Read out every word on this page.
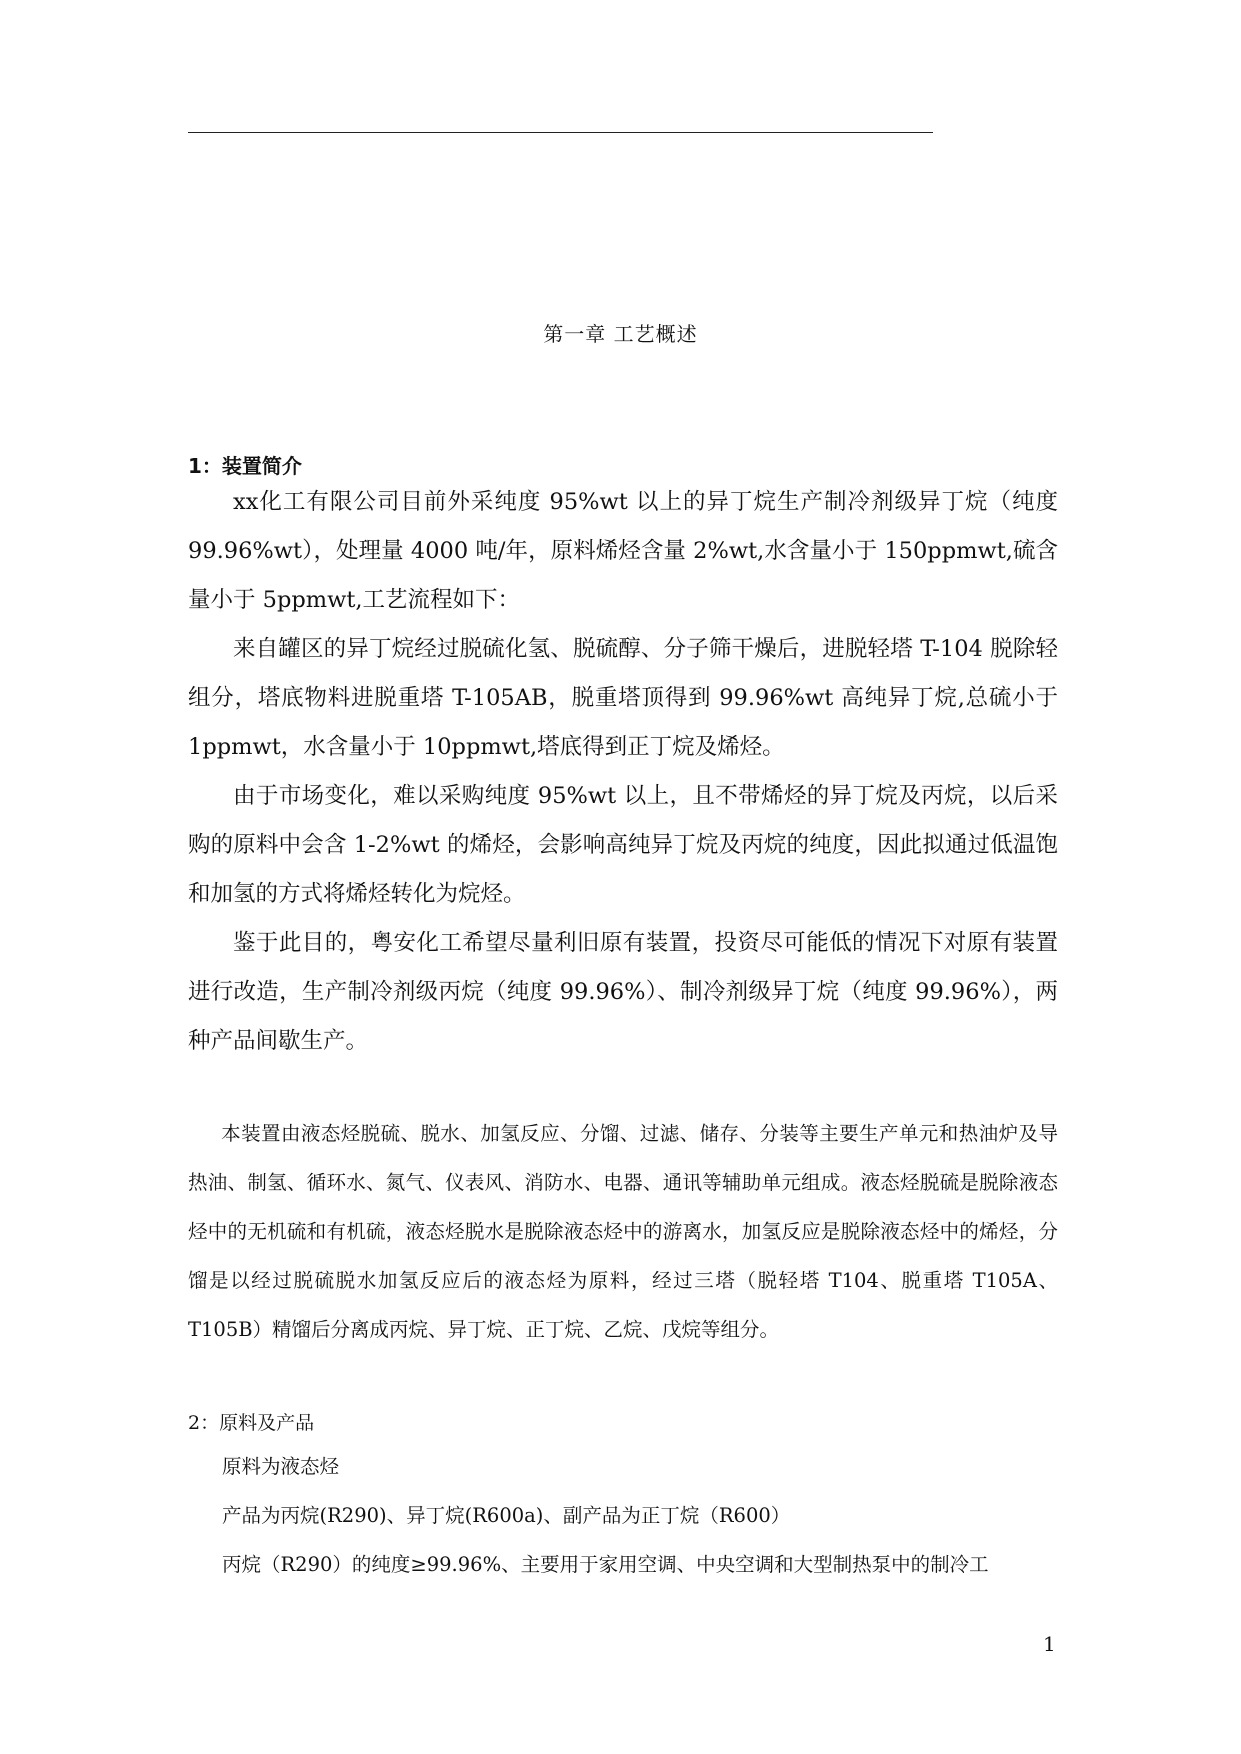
第一章 工艺概述
1：装置简介

xx化工有限公司目前外采纯度 95%wt 以上的异丁烷生产制冷剂级异丁烷（纯度 99.96%wt），处理量 4000 吨/年，原料烯烃含量 2%wt,水含量小于 150ppmwt,硫含量小于 5ppmwt,工艺流程如下：

来自罐区的异丁烷经过脱硫化氢、脱硫醇、分子筛干燥后，进脱轻塔 T-104 脱除轻组分，塔底物料进脱重塔 T-105AB，脱重塔顶得到 99.96%wt 高纯异丁烷,总硫小于 1ppmwt，水含量小于 10ppmwt,塔底得到正丁烷及烯烃。

由于市场变化，难以采购纯度 95%wt 以上，且不带烯烃的异丁烷及丙烷，以后采购的原料中会含 1-2%wt 的烯烃，会影响高纯异丁烷及丙烷的纯度，因此拟通过低温饱和加氢的方式将烯烃转化为烷烃。

鉴于此目的，粤安化工希望尽量利旧原有装置，投资尽可能低的情况下对原有装置进行改造，生产制冷剂级丙烷（纯度 99.96%）、制冷剂级异丁烷（纯度 99.96%），两种产品间歇生产。

本装置由液态烃脱硫、脱水、加氢反应、分馏、过滤、储存、分装等主要生产单元和热油炉及导热油、制氢、循环水、氮气、仪表风、消防水、电器、通讯等辅助单元组成。液态烃脱硫是脱除液态烃中的无机硫和有机硫，液态烃脱水是脱除液态烃中的游离水，加氢反应是脱除液态烃中的烯烃，分馏是以经过脱硫脱水加氢反应后的液态烃为原料，经过三塔（脱轻塔 T104、脱重塔 T105A、T105B）精馏后分离成丙烷、异丁烷、正丁烷、乙烷、戊烷等组分。

2：原料及产品
原料为液态烃
产品为丙烷(R290)、异丁烷(R600a)、副产品为正丁烷（R600）
丙烷（R290）的纯度≥99.96%、主要用于家用空调、中央空调和大型制热泵中的制冷工
1
